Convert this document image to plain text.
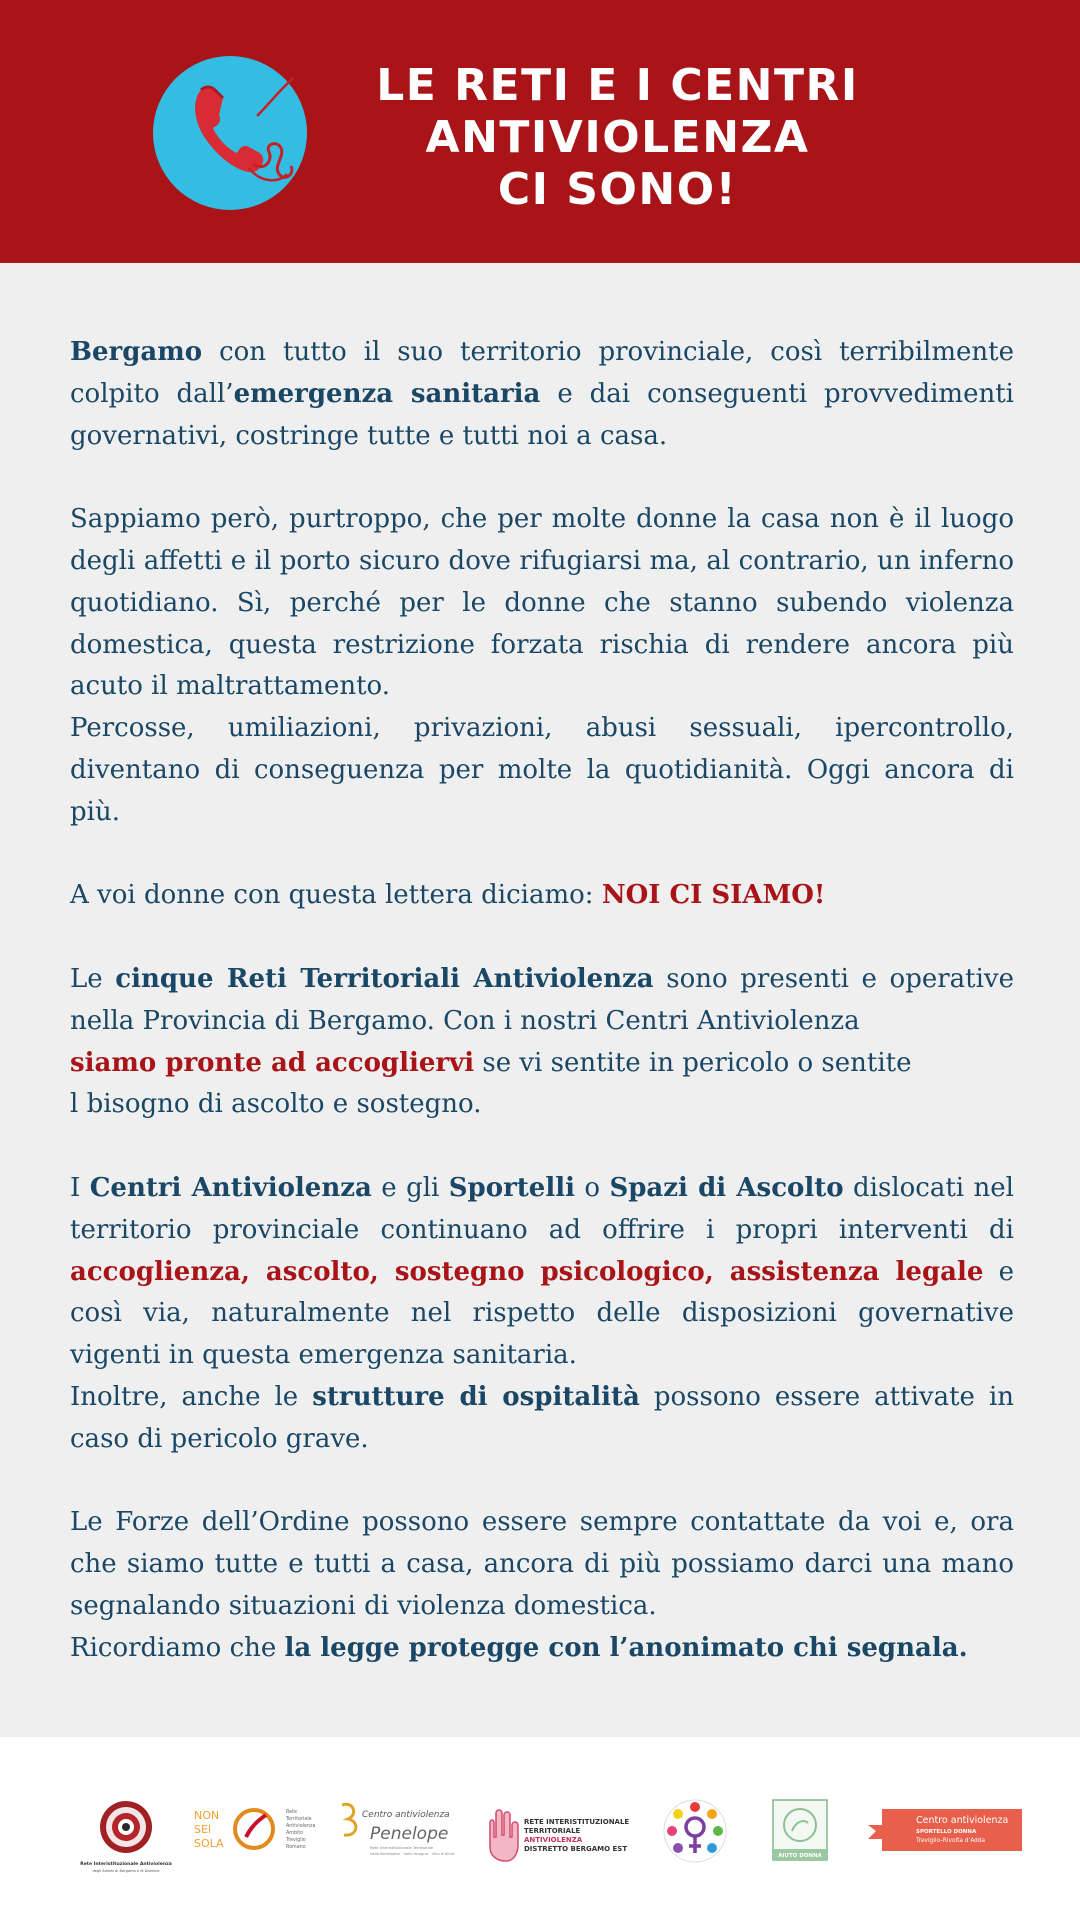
LE RETI E I CENTRI
ANTIVIOLENZA
CI SONO!

Bergamo con tutto il suo territorio provinciale, così terribilmente colpito dall’emergenza sanitaria e dai conseguenti provvedimenti governativi, costringe tutte e tutti noi a casa.

Sappiamo però, purtroppo, che per molte donne la casa non è il luogo degli affetti e il porto sicuro dove rifugiarsi ma, al contrario, un inferno quotidiano. Sì, perché per le donne che stanno subendo violenza domestica, questa restrizione forzata rischia di rendere ancora più acuto il maltrattamento.

Percosse, umiliazioni, privazioni, abusi sessuali, ipercontrollo, diventano di conseguenza per molte la quotidianità. Oggi ancora di più.

A voi donne con questa lettera diciamo: NOI CI SIAMO!

Le cinque Reti Territoriali Antiviolenza sono presenti e operative nella Provincia di Bergamo. Con i nostri Centri Antiviolenza

siamo pronte ad accogliervi se vi sentite in pericolo o sentite

l bisogno di ascolto e sostegno.

I Centri Antiviolenza e gli Sportelli o Spazi di Ascolto dislocati nel territorio provinciale continuano ad offrire i propri interventi di accoglienza, ascolto, sostegno psicologico, assistenza legale e così via, naturalmente nel rispetto delle disposizioni governative vigenti in questa emergenza sanitaria.

Inoltre, anche le strutture di ospitalità possono essere attivate in caso di pericolo grave.

Le Forze dell’Ordine possono essere sempre contattate da voi e, ora che siamo tutte e tutti a casa, ancora di più possiamo darci una mano segnalando situazioni di violenza domestica.

Ricordiamo che la legge protegge con l’anonimato chi segnala.

Rete Interistituzionale Antiviolenza
degli Ambiti di Bergamo e di Dalmine
NON
SEI
SOLA
Rete
Territoriale
Antiviolenza
Ambito
Treviglio
Romano
Centro antiviolenza
Penelope
Rete Interistituzionale Territoriale
Valle Brembana · Valle Imagna · Villa d’Almè
RETE INTERISTITUZIONALE
TERRITORIALE
ANTIVIOLENZA
DISTRETTO BERGAMO EST
AIUTO DONNA
Centro antiviolenza
SPORTELLO DONNA
Treviglio–Rivolta d’Adda
